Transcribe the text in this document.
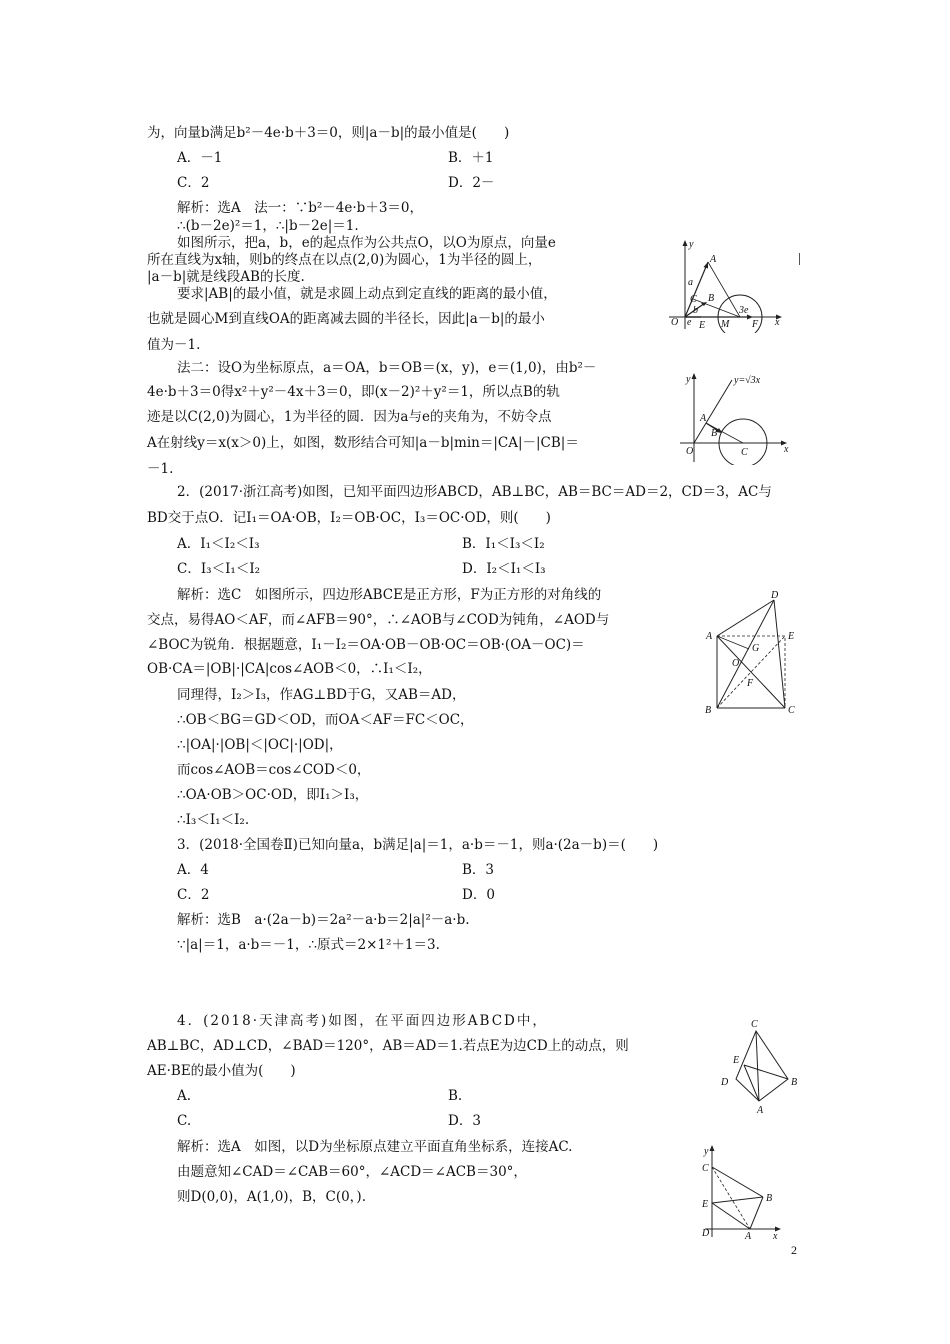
为，向量b满足b²－4e·b＋3＝0，则|a－b|的最小值是(　　)
A．－1	B．＋1
C．2	D．2－
解析：选A　法一：∵b²－4e·b＋3＝0，
∴(b－2e)²＝1，∴|b－2e|＝1.
如图所示，把a，b，e的起点作为公共点O，以O为原点，向量e
所在直线为x轴，则b的终点在以点(2,0)为圆心，1为半径的圆上，
|a－b|就是线段AB的长度.
要求|AB|的最小值，就是求圆上动点到定直线的距离的最小值，
也就是圆心M到直线OA的距离减去圆的半径长，因此|a－b|的最小
值为－1.
法二：设O为坐标原点，a＝OA，b＝OB＝(x，y)，e＝(1,0)，由b²－
4e·b＋3＝0得x²＋y²－4x＋3＝0，即(x－2)²＋y²＝1，所以点B的轨
迹是以C(2,0)为圆心，1为半径的圆．因为a与e的夹角为，不妨令点
A在射线y＝x(x＞0)上，如图，数形结合可知|a－b|min＝|CA|－|CB|＝
－1.
2．(2017·浙江高考)如图，已知平面四边形ABCD，AB⊥BC，AB＝BC＝AD＝2，CD＝3，AC与
BD交于点O．记I₁＝OA·OB，I₂＝OB·OC，I₃＝OC·OD，则(　　)
A．I₁＜I₂＜I₃	B．I₁＜I₃＜I₂
C．I₃＜I₁＜I₂	D．I₂＜I₁＜I₃
解析：选C　如图所示，四边形ABCE是正方形，F为正方形的对角线的
交点，易得AO＜AF，而∠AFB＝90°，∴∠AOB与∠COD为钝角，∠AOD与
∠BOC为锐角．根据题意，I₁－I₂＝OA·OB－OB·OC＝OB·(OA－OC)＝
OB·CA＝|OB|·|CA|cos∠AOB＜0，∴I₁＜I₂，
同理得，I₂＞I₃，作AG⊥BD于G，又AB＝AD，
∴OB＜BG＝GD＜OD，而OA＜AF＝FC＜OC，
∴|OA|·|OB|＜|OC|·|OD|，
而cos∠AOB＝cos∠COD＜0，
∴OA·OB＞OC·OD，即I₁＞I₃，
∴I₃＜I₁＜I₂.
3．(2018·全国卷Ⅱ)已知向量a，b满足|a|＝1，a·b＝－1，则a·(2a－b)＝(　　)
A．4	B．3
C．2	D．0
解析：选B　a·(2a－b)＝2a²－a·b＝2|a|²－a·b.
∵|a|＝1，a·b＝－1，∴原式＝2×1²＋1＝3.
4．(2018·天津高考)如图，在平面四边形ABCD中，
AB⊥BC，AD⊥CD，∠BAD＝120°，AB＝AD＝1.若点E为边CD上的动点，则
AE·BE的最小值为(　　)
A.	B.
C.	D．3
解析：选A　如图，以D为坐标原点建立平面直角坐标系，连接AC.
由题意知∠CAD＝∠CAB＝60°，∠ACD＝∠ACB＝30°，
则D(0,0)，A(1,0)，B，C(0，).
y
a
A
C B
b
O e E M
3e
F x
y	y=√3x
A
B
O	C	x
D
A	E
G
O
F
B	C
C
E
D	B
A
y
C
E
B
D	A x
2
